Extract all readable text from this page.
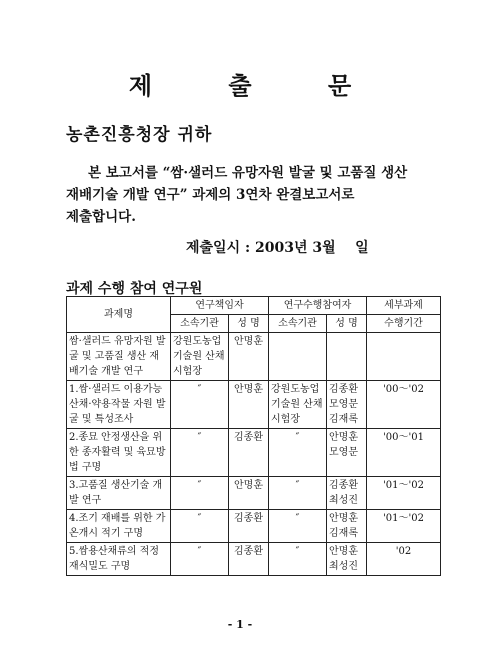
제 출 문
농촌진흥청장 귀하
본 보고서를 “쌈·샐러드 유망자원 발굴 및 고품질 생산 재배기술 개발 연구” 과제의 3연차 완결보고서로 제출합니다.
제출일시 : 2003년 3월    일
과제 수행 참여 연구원
과제명	연구책임자		연구수행참여자		세부과제
	소속기관	성 명	소속기관	성 명	수행기간
쌈·샐러드 유망자원 발굴 및 고품질 생산 재배기술 개발 연구	강원도농업기술원 산채시험장	안명훈			
1.쌈·샐러드 이용가능 산채·약용작물 자원 발굴 및 특성조사	″	안명훈	강원도농업기술원 산채시험장	김종환 모영문 김재록	'00～'02
2.종묘 안정생산을 위한 종자활력 및 육묘방법 구명	″	김종환	″	안명훈 모영문	'00～'01
3.고품질 생산기술 개발 연구	″	안명훈	″	김종환 최성진	'01～'02
4.조기 재배를 위한 가온개시 적기 구명	″	김종환	″	안명훈 김재록	'01～'02
5.쌈용산채류의 적정 재식밀도 구명	″	김종환	″	안명훈 최성진	'02
- 1 -
